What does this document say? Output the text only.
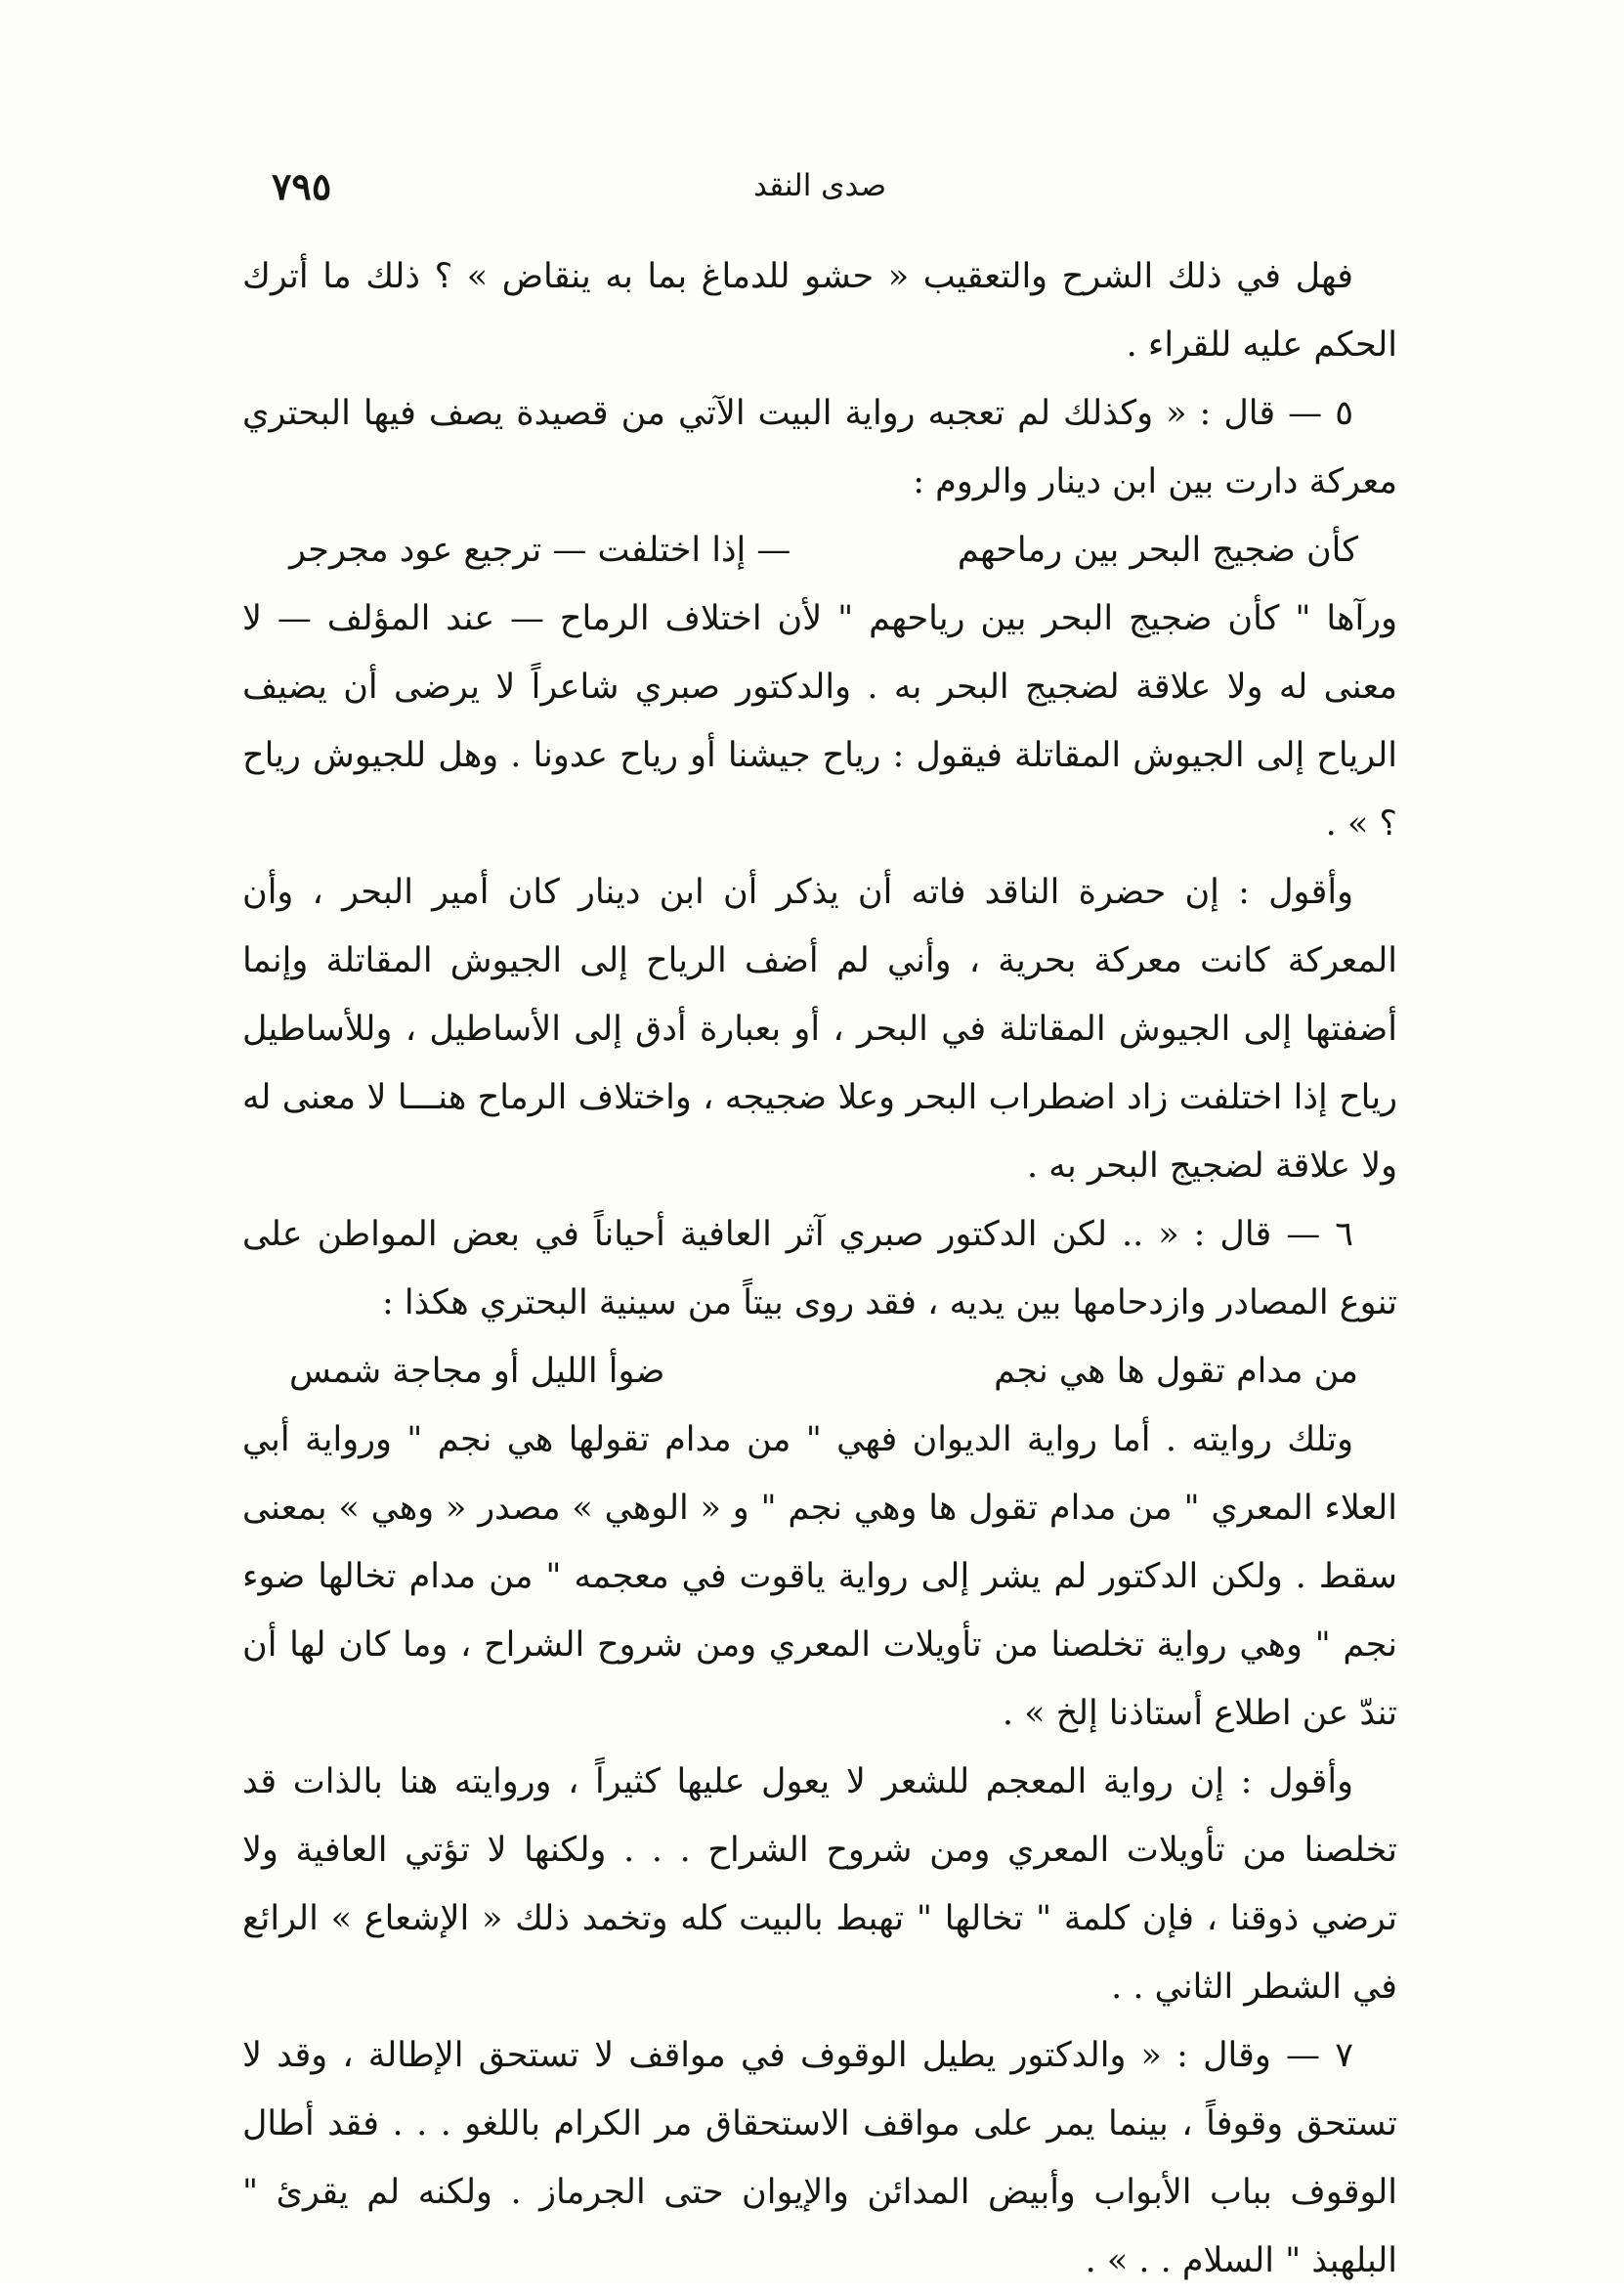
٧٩٥	صدى النقد

فهل في ذلك الشرح والتعقيب « حشو للدماغ بما به ينقاض » ؟ ذلك ما أترك الحكم عليه للقراء .

٥ — قال : « وكذلك لم تعجبه رواية البيت الآتي من قصيدة يصف فيها البحتري معركة دارت بين ابن دينار والروم :

كأن ضجيج البحر بين رماحهم
— إذا اختلفت — ترجيع عود مجرجر

ورآها " كأن ضجيج البحر بين رياحهم " لأن اختلاف الرماح — عند المؤلف — لا معنى له ولا علاقة لضجيج البحر به . والدكتور صبري شاعراً لا يرضى أن يضيف الرياح إلى الجيوش المقاتلة فيقول : رياح جيشنا أو رياح عدونا . وهل للجيوش رياح ؟ » .

وأقول : إن حضرة الناقد فاته أن يذكر أن ابن دينار كان أمير البحر ، وأن المعركة كانت معركة بحرية ، وأني لم أضف الرياح إلى الجيوش المقاتلة وإنما أضفتها إلى الجيوش المقاتلة في البحر ، أو بعبارة أدق إلى الأساطيل ، وللأساطيل رياح إذا اختلفت زاد اضطراب البحر وعلا ضجيجه ، واختلاف الرماح هنـــا لا معنى له ولا علاقة لضجيج البحر به .

٦ — قال : « .. لكن الدكتور صبري آثر العافية أحياناً في بعض المواطن على تنوع المصادر وازدحامها بين يديه ، فقد روى بيتاً من سينية البحتري هكذا :

من مدام تقول ها هي نجم
ضوأ الليل أو مجاجة شمس

وتلك روايته . أما رواية الديوان فهي " من مدام تقولها هي نجم " ورواية أبي العلاء المعري " من مدام تقول ها وهي نجم " و « الوهي » مصدر « وهي » بمعنى سقط . ولكن الدكتور لم يشر إلى رواية ياقوت في معجمه " من مدام تخالها ضوء نجم " وهي رواية تخلصنا من تأويلات المعري ومن شروح الشراح ، وما كان لها أن تندّ عن اطلاع أستاذنا إلخ » .

وأقول : إن رواية المعجم للشعر لا يعول عليها كثيراً ، وروايته هنا بالذات قد تخلصنا من تأويلات المعري ومن شروح الشراح . . . ولكنها لا تؤتي العافية ولا ترضي ذوقنا ، فإن كلمة " تخالها " تهبط بالبيت كله وتخمد ذلك « الإشعاع » الرائع في الشطر الثاني . .

٧ — وقال : « والدكتور يطيل الوقوف في مواقف لا تستحق الإطالة ، وقد لا تستحق وقوفاً ، بينما يمر على مواقف الاستحقاق مر الكرام باللغو . . . فقد أطال الوقوف بباب الأبواب وأبيض المدائن والإيوان حتى الجرماز . ولكنه لم يقرئ " البلهبذ " السلام . . » .
